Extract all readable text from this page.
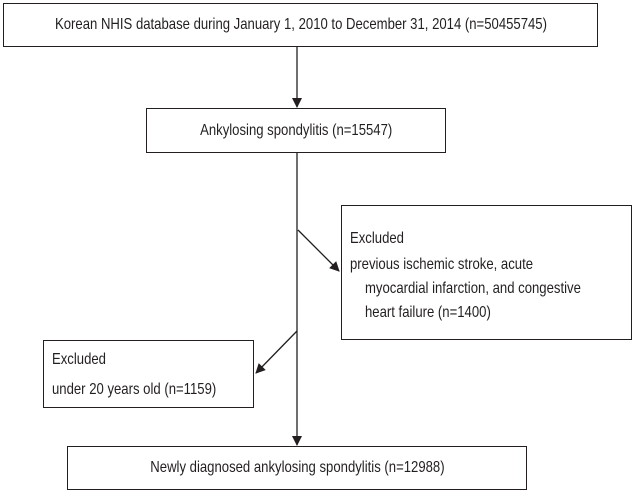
Korean NHIS database during January 1, 2010 to December 31, 2014 (n=50455745)
Ankylosing spondylitis (n=15547)
Excluded
previous ischemic stroke, acute
myocardial infarction, and congestive
heart failure (n=1400)
Excluded
under 20 years old (n=1159)
Newly diagnosed ankylosing spondylitis (n=12988)
